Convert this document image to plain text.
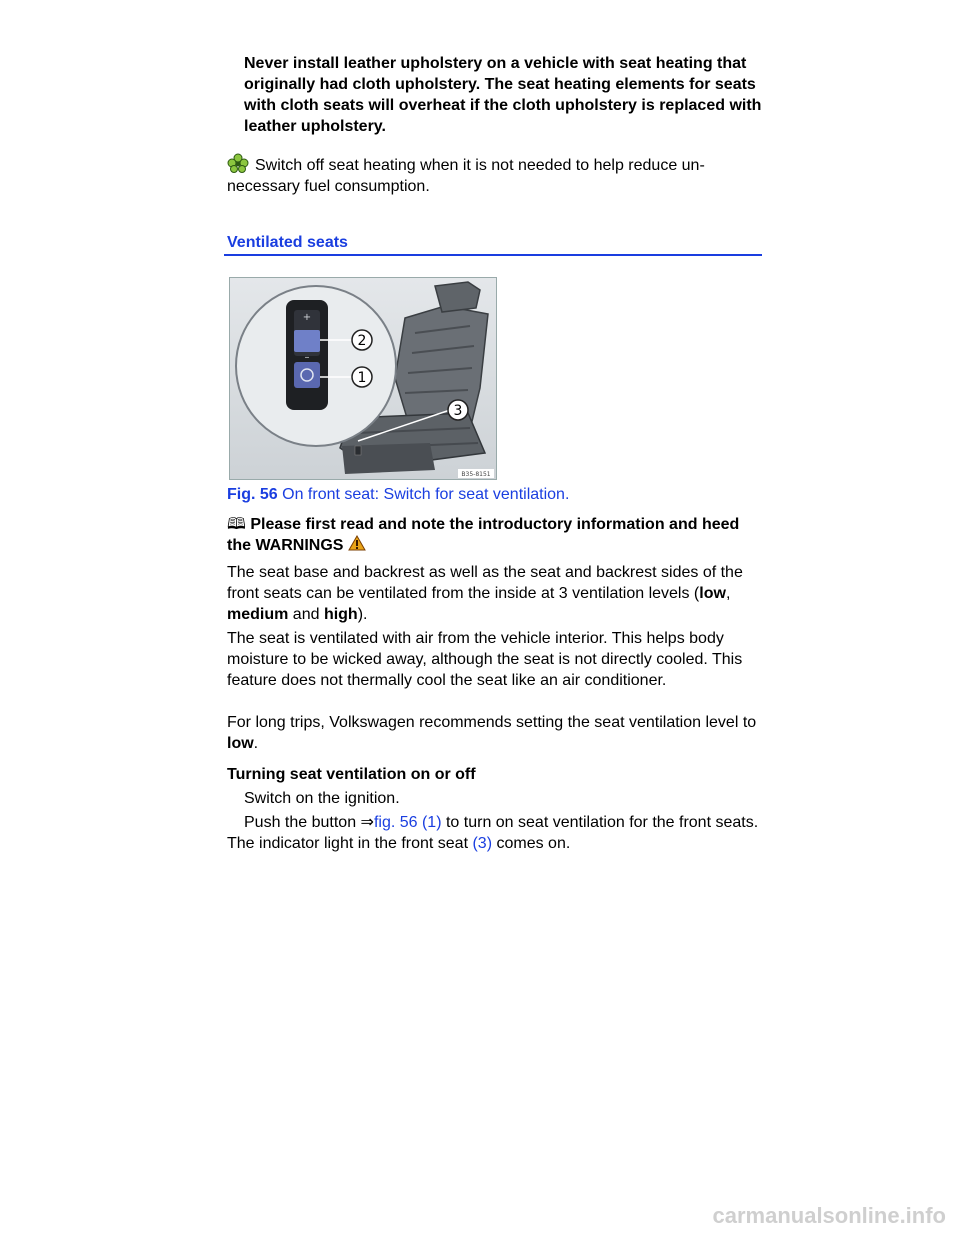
Never install leather upholstery on a vehicle with seat heating that originally had cloth upholstery. The seat heating elements for seats with cloth seats will overheat if the cloth upholstery is replaced with leather upholstery.
Switch off seat heating when it is not needed to help reduce unnecessary fuel consumption.
Ventilated seats
+
–
2
1
3
B35-8151
Fig. 56 On front seat: Switch for seat ventilation.
🕮 Please first read and note the introductory information and heed the WARNINGS
The seat base and backrest as well as the seat and backrest sides of the front seats can be ventilated from the inside at 3 ventilation levels (low, medium and high).
The seat is ventilated with air from the vehicle interior. This helps body moisture to be wicked away, although the seat is not directly cooled. This feature does not thermally cool the seat like an air conditioner.
For long trips, Volkswagen recommends setting the seat ventilation level to low.
Turning seat ventilation on or off
Switch on the ignition.
Push the button ⇒fig. 56 (1) to turn on seat ventilation for the front seats. The indicator light in the front seat (3) comes on.
carmanualsonline.info
